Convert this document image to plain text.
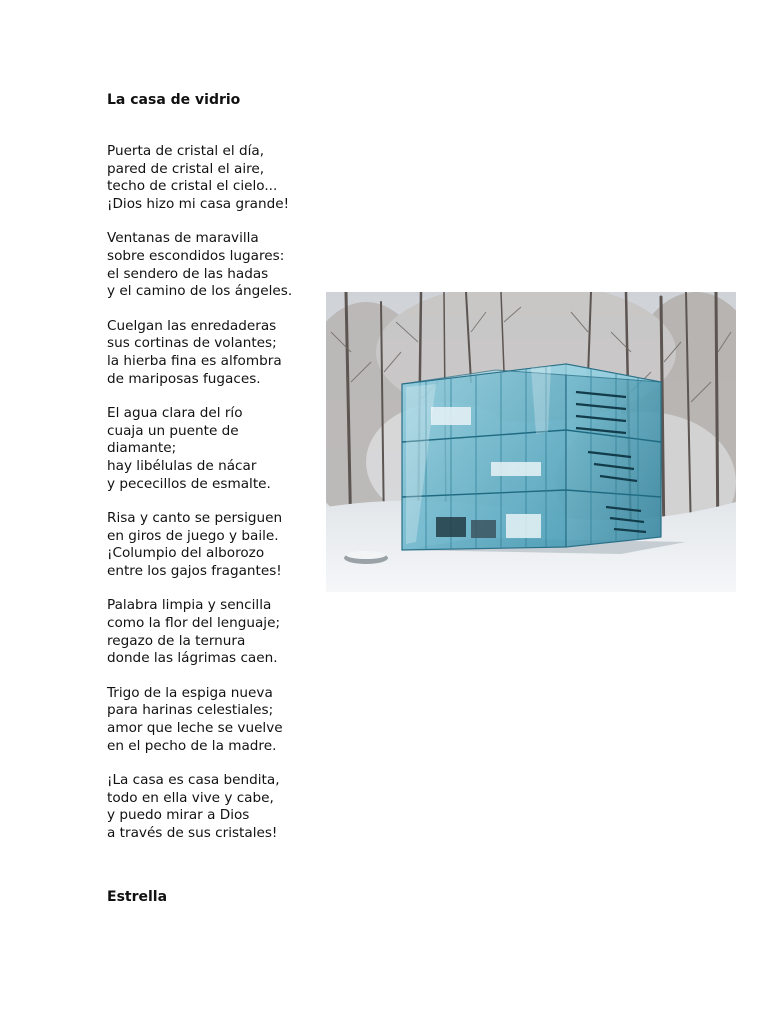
La casa de vidrio

Puerta de cristal el día,
pared de cristal el aire,
techo de cristal el cielo...
¡Dios hizo mi casa grande!

Ventanas de maravilla
sobre escondidos lugares:
el sendero de las hadas
y el camino de los ángeles.

Cuelgan las enredaderas
sus cortinas de volantes;
la hierba fina es alfombra
de mariposas fugaces.

El agua clara del río
cuaja un puente de
diamante;
hay libélulas de nácar
y pececillos de esmalte.

Risa y canto se persiguen
en giros de juego y baile.
¡Columpio del alborozo
entre los gajos fragantes!

Palabra limpia y sencilla
como la flor del lenguaje;
regazo de la ternura
donde las lágrimas caen.

Trigo de la espiga nueva
para harinas celestiales;
amor que leche se vuelve
en el pecho de la madre.

¡La casa es casa bendita,
todo en ella vive y cabe,
y puedo mirar a Dios
a través de sus cristales!

Estrella
